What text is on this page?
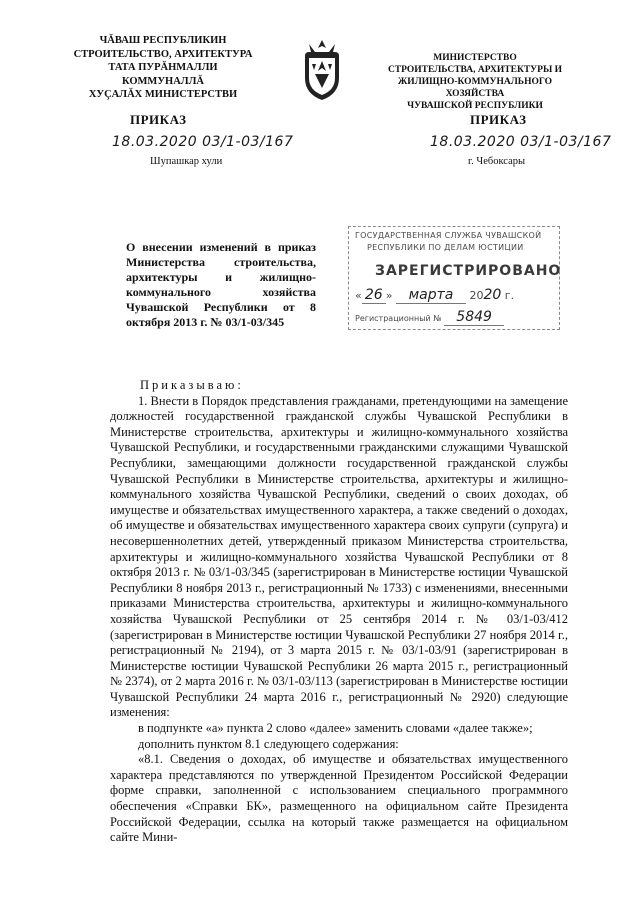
ЧĂВАШ РЕСПУБЛИКИН
СТРОИТЕЛЬСТВО, АРХИТЕКТУРА
ТАТА ПУРĂНМАЛЛИ КОММУНАЛЛĂ
ХУÇАЛĂХ МИНИСТЕРСТВИ
МИНИСТЕРСТВО
СТРОИТЕЛЬСТВА, АРХИТЕКТУРЫ И
ЖИЛИЩНО-КОММУНАЛЬНОГО ХОЗЯЙСТВА
ЧУВАШСКОЙ РЕСПУБЛИКИ
ПРИКАЗ	ПРИКАЗ
18.03.2020 03/1-03/167	18.03.2020 03/1-03/167
Шупашкар хули	г. Чебоксары
О внесении изменений в приказ Министерства строительства, архитектуры и жилищно-коммунального хозяйства Чувашской Республики от 8 октября 2013 г. № 03/1-03/345
ГОСУДАРСТВЕННАЯ СЛУЖБА ЧУВАШСКОЙ
РЕСПУБЛИКИ ПО ДЕЛАМ ЮСТИЦИИ
ЗАРЕГИСТРИРОВАНО
« 26 » марта 2020 г.
Регистрационный № 5849

Приказываю:

1. Внести в Порядок представления гражданами, претендующими на замещение должностей государственной гражданской службы Чувашской Республики в Министерстве строительства, архитектуры и жилищно-коммунального хозяйства Чувашской Республики, и государственными гражданскими служащими Чувашской Республики, замещающими должности государственной гражданской службы Чувашской Республики в Министерстве строительства, архитектуры и жилищно-коммунального хозяйства Чувашской Республики, сведений о своих доходах, об имуществе и обязательствах имущественного характера, а также сведений о доходах, об имуществе и обязательствах имущественного характера своих супруги (супруга) и несовершеннолетних детей, утвержденный приказом Министерства строительства, архитектуры и жилищно-коммунального хозяйства Чувашской Республики от 8 октября 2013 г. № 03/1-03/345 (зарегистрирован в Министерстве юстиции Чувашской Республики 8 ноября 2013 г., регистрационный № 1733) с изменениями, внесенными приказами Министерства строительства, архитектуры и жилищно-коммунального хозяйства Чувашской Республики от 25 сентября 2014 г. № 03/1-03/412 (зарегистрирован в Министерстве юстиции Чувашской Республики 27 ноября 2014 г., регистрационный № 2194), от 3 марта 2015 г. № 03/1-03/91 (зарегистрирован в Министерстве юстиции Чувашской Республики 26 марта 2015 г., регистрационный № 2374), от 2 марта 2016 г. № 03/1-03/113 (зарегистрирован в Министерстве юстиции Чувашской Республики 24 марта 2016 г., регистрационный № 2920) следующие изменения:

в подпункте «а» пункта 2 слово «далее» заменить словами «далее также»;

дополнить пунктом 8.1 следующего содержания:

«8.1. Сведения о доходах, об имуществе и обязательствах имущественного характера представляются по утвержденной Президентом Российской Федерации форме справки, заполненной с использованием специального программного обеспечения «Справки БК», размещенного на официальном сайте Президента Российской Федерации, ссылка на который также размещается на официальном сайте Мини-
